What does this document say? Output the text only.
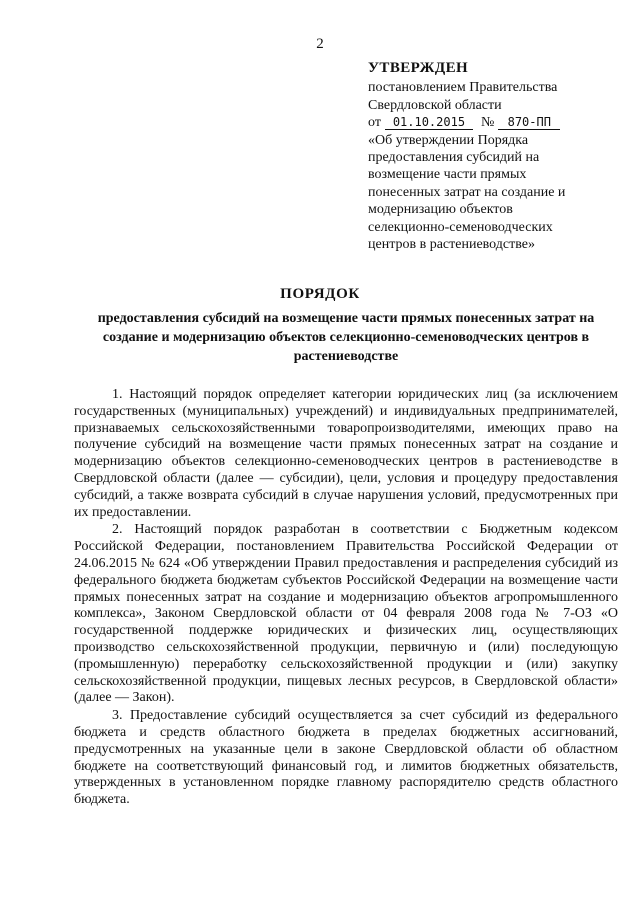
2
УТВЕРЖДЕН
постановлением Правительства
Свердловской области
от 01.10.2015 № 870-ПП
«Об утверждении Порядка
предоставления субсидий на
возмещение части прямых
понесенных затрат на создание и
модернизацию объектов
селекционно-семеноводческих
центров в растениеводстве»
ПОРЯДОК
предоставления субсидий на возмещение части прямых понесенных затрат на создание и модернизацию объектов селекционно-семеноводческих центров в растениеводстве

1. Настоящий порядок определяет категории юридических лиц (за исключением государственных (муниципальных) учреждений) и индивидуальных предпринимателей, признаваемых сельскохозяйственными товаропроизводителями, имеющих право на получение субсидий на возмещение части прямых понесенных затрат на создание и модернизацию объектов селекционно-семеноводческих центров в растениеводстве в Свердловской области (далее — субсидии), цели, условия и процедуру предоставления субсидий, а также возврата субсидий в случае нарушения условий, предусмотренных при их предоставлении.

2. Настоящий порядок разработан в соответствии с Бюджетным кодексом Российской Федерации, постановлением Правительства Российской Федерации от 24.06.2015 № 624 «Об утверждении Правил предоставления и распределения субсидий из федерального бюджета бюджетам субъектов Российской Федерации на возмещение части прямых понесенных затрат на создание и модернизацию объектов агропромышленного комплекса», Законом Свердловской области от 04 февраля 2008 года № 7-ОЗ «О государственной поддержке юридических и физических лиц, осуществляющих производство сельскохозяйственной продукции, первичную и (или) последующую (промышленную) переработку сельскохозяйственной продукции и (или) закупку сельскохозяйственной продукции, пищевых лесных ресурсов, в Свердловской области» (далее — Закон).

3. Предоставление субсидий осуществляется за счет субсидий из федерального бюджета и средств областного бюджета в пределах бюджетных ассигнований, предусмотренных на указанные цели в законе Свердловской области об областном бюджете на соответствующий финансовый год, и лимитов бюджетных обязательств, утвержденных в установленном порядке главному распорядителю средств областного бюджета.
